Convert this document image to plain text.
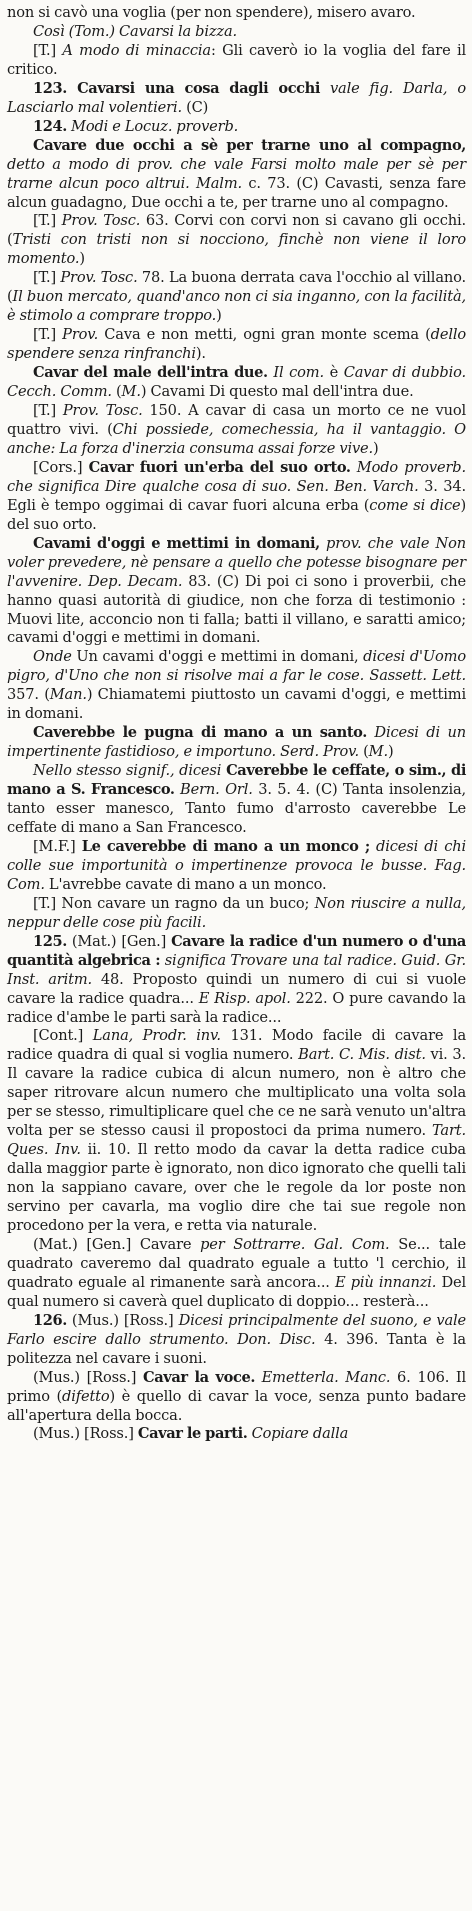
non si cavò una voglia (per non spendere), misero avaro.

Così (Tom.) Cavarsi la bizza.

[T.] A modo di minaccia: Gli caverò io la voglia del fare il critico.

123. Cavarsi una cosa dagli occhi vale fig. Darla, o Lasciarlo mal volentieri. (C)

124. Modi e Locuz. proverb.

Cavare due occhi a sè per trarne uno al compagno, detto a modo di prov. che vale Farsi molto male per sè per trarne alcun poco altrui. Malm. c. 73. (C) Cavasti, senza fare alcun guadagno, Due occhi a te, per trarne uno al compagno.

[T.] Prov. Tosc. 63. Corvi con corvi non si cavano gli occhi. (Tristi con tristi non si nocciono, finchè non viene il loro momento.)

[T.] Prov. Tosc. 78. La buona derrata cava l'occhio al villano. (Il buon mercato, quand'anco non ci sia inganno, con la facilità, è stimolo a comprare troppo.)

[T.] Prov. Cava e non metti, ogni gran monte scema (dello spendere senza rinfranchi).

Cavar del male dell'intra due. Il com. è Cavar di dubbio. Cecch. Comm. (M.) Cavami Di questo mal dell'intra due.

[T.] Prov. Tosc. 150. A cavar di casa un morto ce ne vuol quattro vivi. (Chi possiede, comechessia, ha il vantaggio. O anche: La forza d'inerzia consuma assai forze vive.)

[Cors.] Cavar fuori un'erba del suo orto. Modo proverb. che significa Dire qualche cosa di suo. Sen. Ben. Varch. 3. 34. Egli è tempo oggimai di cavar fuori alcuna erba (come si dice) del suo orto.

Cavami d'oggi e mettimi in domani, prov. che vale Non voler prevedere, nè pensare a quello che potesse bisognare per l'avvenire. Dep. Decam. 83. (C) Di poi ci sono i proverbii, che hanno quasi autorità di giudice, non che forza di testimonio : Muovi lite, acconcio non ti falla; batti il villano, e saratti amico; cavami d'oggi e mettimi in domani.

Onde Un cavami d'oggi e mettimi in domani, dicesi d'Uomo pigro, d'Uno che non si risolve mai a far le cose. Sassett. Lett. 357. (Man.) Chiamatemi piuttosto un cavami d'oggi, e mettimi in domani.

Caverebbe le pugna di mano a un santo. Dicesi di un impertinente fastidioso, e importuno. Serd. Prov. (M.)

Nello stesso signif., dicesi Caverebbe le ceffate, o sim., di mano a S. Francesco. Bern. Orl. 3. 5. 4. (C) Tanta insolenzia, tanto esser manesco, Tanto fumo d'arrosto caverebbe Le ceffate di mano a San Francesco.

[M.F.] Le caverebbe di mano a un monco ; dicesi di chi colle sue importunità o impertinenze provoca le busse. Fag. Com. L'avrebbe cavate di mano a un monco.

[T.] Non cavare un ragno da un buco; Non riuscire a nulla, neppur delle cose più facili.

125. (Mat.) [Gen.] Cavare la radice d'un numero o d'una quantità algebrica : significa Trovare una tal radice. Guid. Gr. Inst. aritm. 48. Proposto quindi un numero di cui si vuole cavare la radice quadra... E Risp. apol. 222. O pure cavando la radice d'ambe le parti sarà la radice...

[Cont.] Lana, Prodr. inv. 131. Modo facile di cavare la radice quadra di qual si voglia numero. Bart. C. Mis. dist. vi. 3. Il cavare la radice cubica di alcun numero, non è altro che saper ritrovare alcun numero che multiplicato una volta sola per se stesso, rimultiplicare quel che ce ne sarà venuto un'altra volta per se stesso causi il propostoci da prima numero. Tart. Ques. Inv. ii. 10. Il retto modo da cavar la detta radice cuba dalla maggior parte è ignorato, non dico ignorato che quelli tali non la sappiano cavare, over che le regole da lor poste non servino per cavarla, ma voglio dire che tai sue regole non procedono per la vera, e retta via naturale.

(Mat.) [Gen.] Cavare per Sottrarre. Gal. Com. Se... tale quadrato caveremo dal quadrato eguale a tutto 'l cerchio, il quadrato eguale al rimanente sarà ancora... E più innanzi. Del qual numero si caverà quel duplicato di doppio... resterà...

126. (Mus.) [Ross.] Dicesi principalmente del suono, e vale Farlo escire dallo strumento. Don. Disc. 4. 396. Tanta è la politezza nel cavare i suoni.

(Mus.) [Ross.] Cavar la voce. Emetterla. Manc. 6. 106. Il primo (difetto) è quello di cavar la voce, senza punto badare all'apertura della bocca.

(Mus.) [Ross.] Cavar le parti. Copiare dalla
